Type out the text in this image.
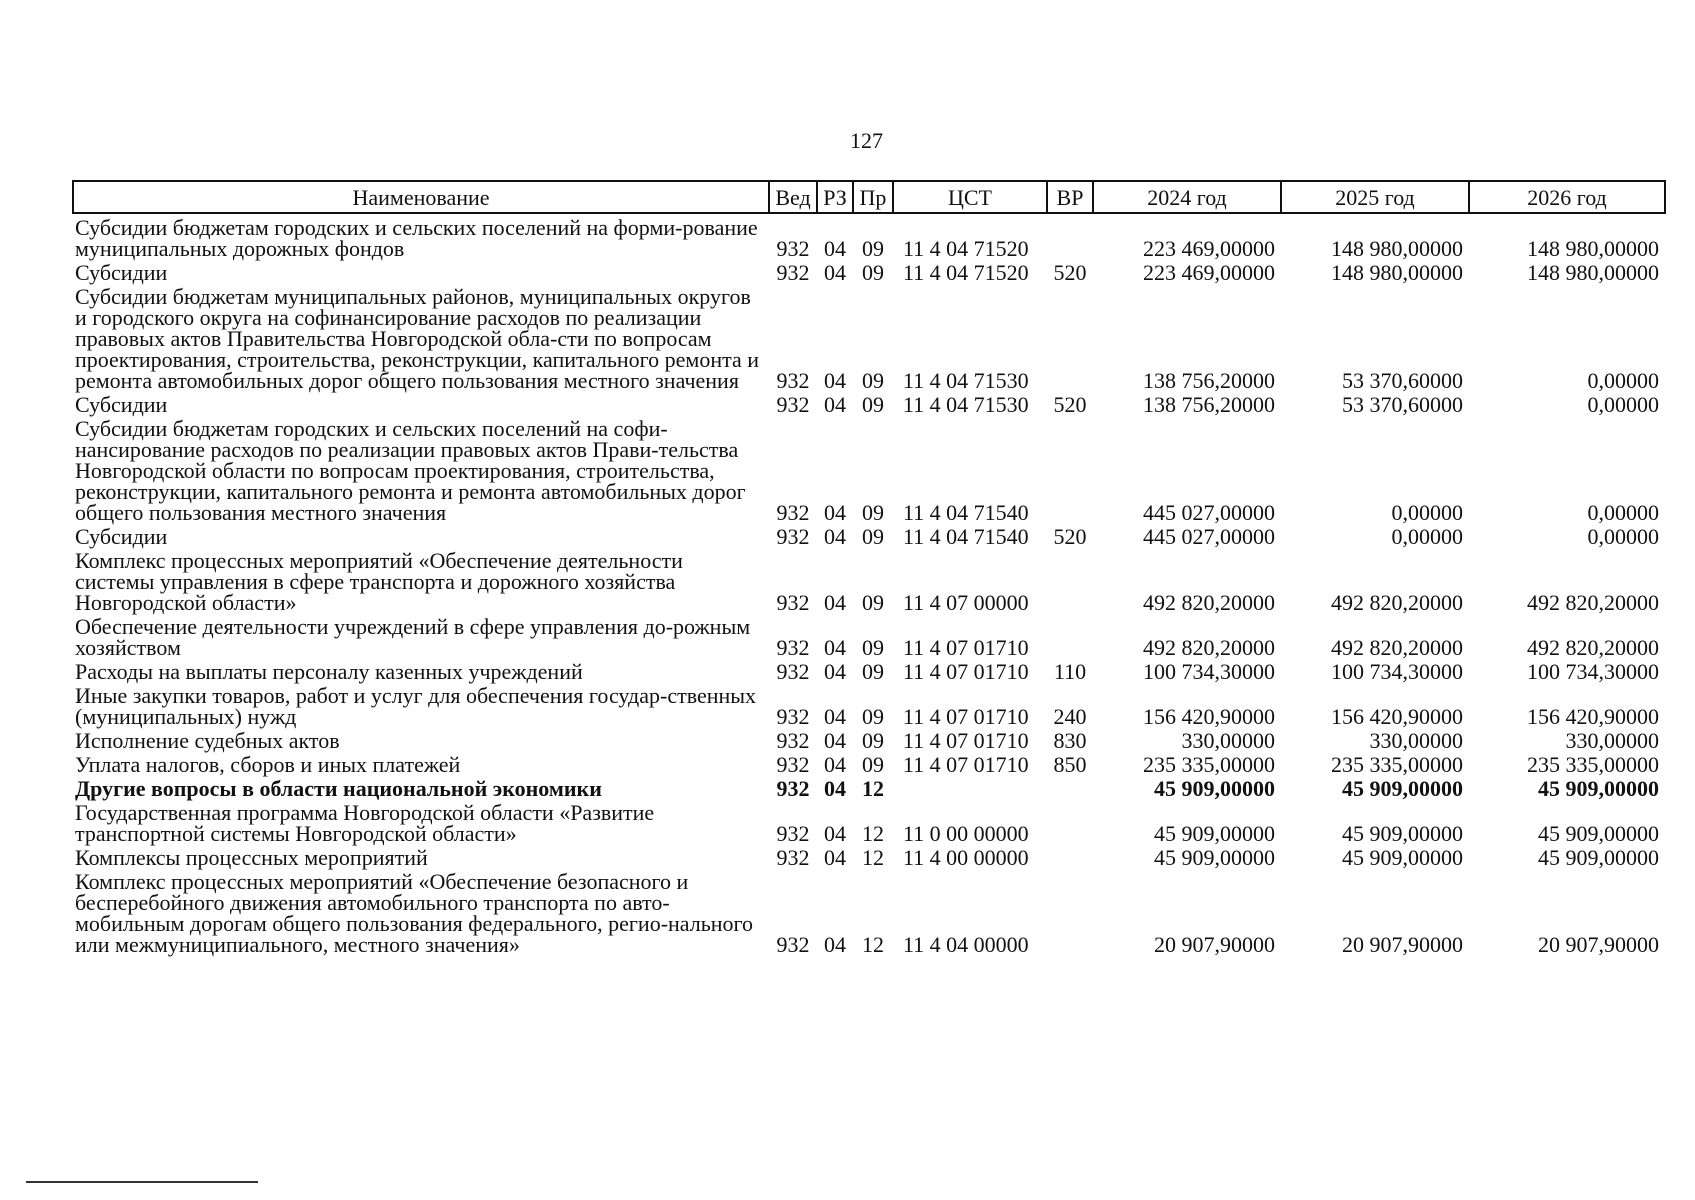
127
Наименование	Вед	РЗ	Пр	ЦСТ	ВР	2024 год	2025 год	2026 год
Субсидии бюджетам городских и сельских поселений на форми-рование муниципальных дорожных фондов	932	04	09	11 4 04 71520		223 469,00000	148 980,00000	148 980,00000
Субсидии	932	04	09	11 4 04 71520	520	223 469,00000	148 980,00000	148 980,00000
Субсидии бюджетам муниципальных районов, муниципальных округов и городского округа на софинансирование расходов по реализации правовых актов Правительства Новгородской обла-сти по вопросам проектирования, строительства, реконструкции, капитального ремонта и ремонта автомобильных дорог общего пользования местного значения	932	04	09	11 4 04 71530		138 756,20000	53 370,60000	0,00000
Субсидии	932	04	09	11 4 04 71530	520	138 756,20000	53 370,60000	0,00000
Субсидии бюджетам городских и сельских поселений на софи-нансирование расходов по реализации правовых актов Прави-тельства Новгородской области по вопросам проектирования, строительства, реконструкции, капитального ремонта и ремонта автомобильных дорог общего пользования местного значения	932	04	09	11 4 04 71540		445 027,00000	0,00000	0,00000
Субсидии	932	04	09	11 4 04 71540	520	445 027,00000	0,00000	0,00000
Комплекс процессных мероприятий «Обеспечение деятельности системы управления в сфере транспорта и дорожного хозяйства Новгородской области»	932	04	09	11 4 07 00000		492 820,20000	492 820,20000	492 820,20000
Обеспечение деятельности учреждений в сфере управления до-рожным хозяйством	932	04	09	11 4 07 01710		492 820,20000	492 820,20000	492 820,20000
Расходы на выплаты персоналу казенных учреждений	932	04	09	11 4 07 01710	110	100 734,30000	100 734,30000	100 734,30000
Иные закупки товаров, работ и услуг для обеспечения государ-ственных (муниципальных) нужд	932	04	09	11 4 07 01710	240	156 420,90000	156 420,90000	156 420,90000
Исполнение судебных актов	932	04	09	11 4 07 01710	830	330,00000	330,00000	330,00000
Уплата налогов, сборов и иных платежей	932	04	09	11 4 07 01710	850	235 335,00000	235 335,00000	235 335,00000
Другие вопросы в области национальной экономики	932	04	12			45 909,00000	45 909,00000	45 909,00000
Государственная программа Новгородской области «Развитие транспортной системы Новгородской области»	932	04	12	11 0 00 00000		45 909,00000	45 909,00000	45 909,00000
Комплексы процессных мероприятий	932	04	12	11 4 00 00000		45 909,00000	45 909,00000	45 909,00000
Комплекс процессных мероприятий «Обеспечение безопасного и бесперебойного движения автомобильного транспорта по авто-мобильным дорогам общего пользования федерального, регио-нального или межмуниципиального, местного значения»	932	04	12	11 4 04 00000		20 907,90000	20 907,90000	20 907,90000
